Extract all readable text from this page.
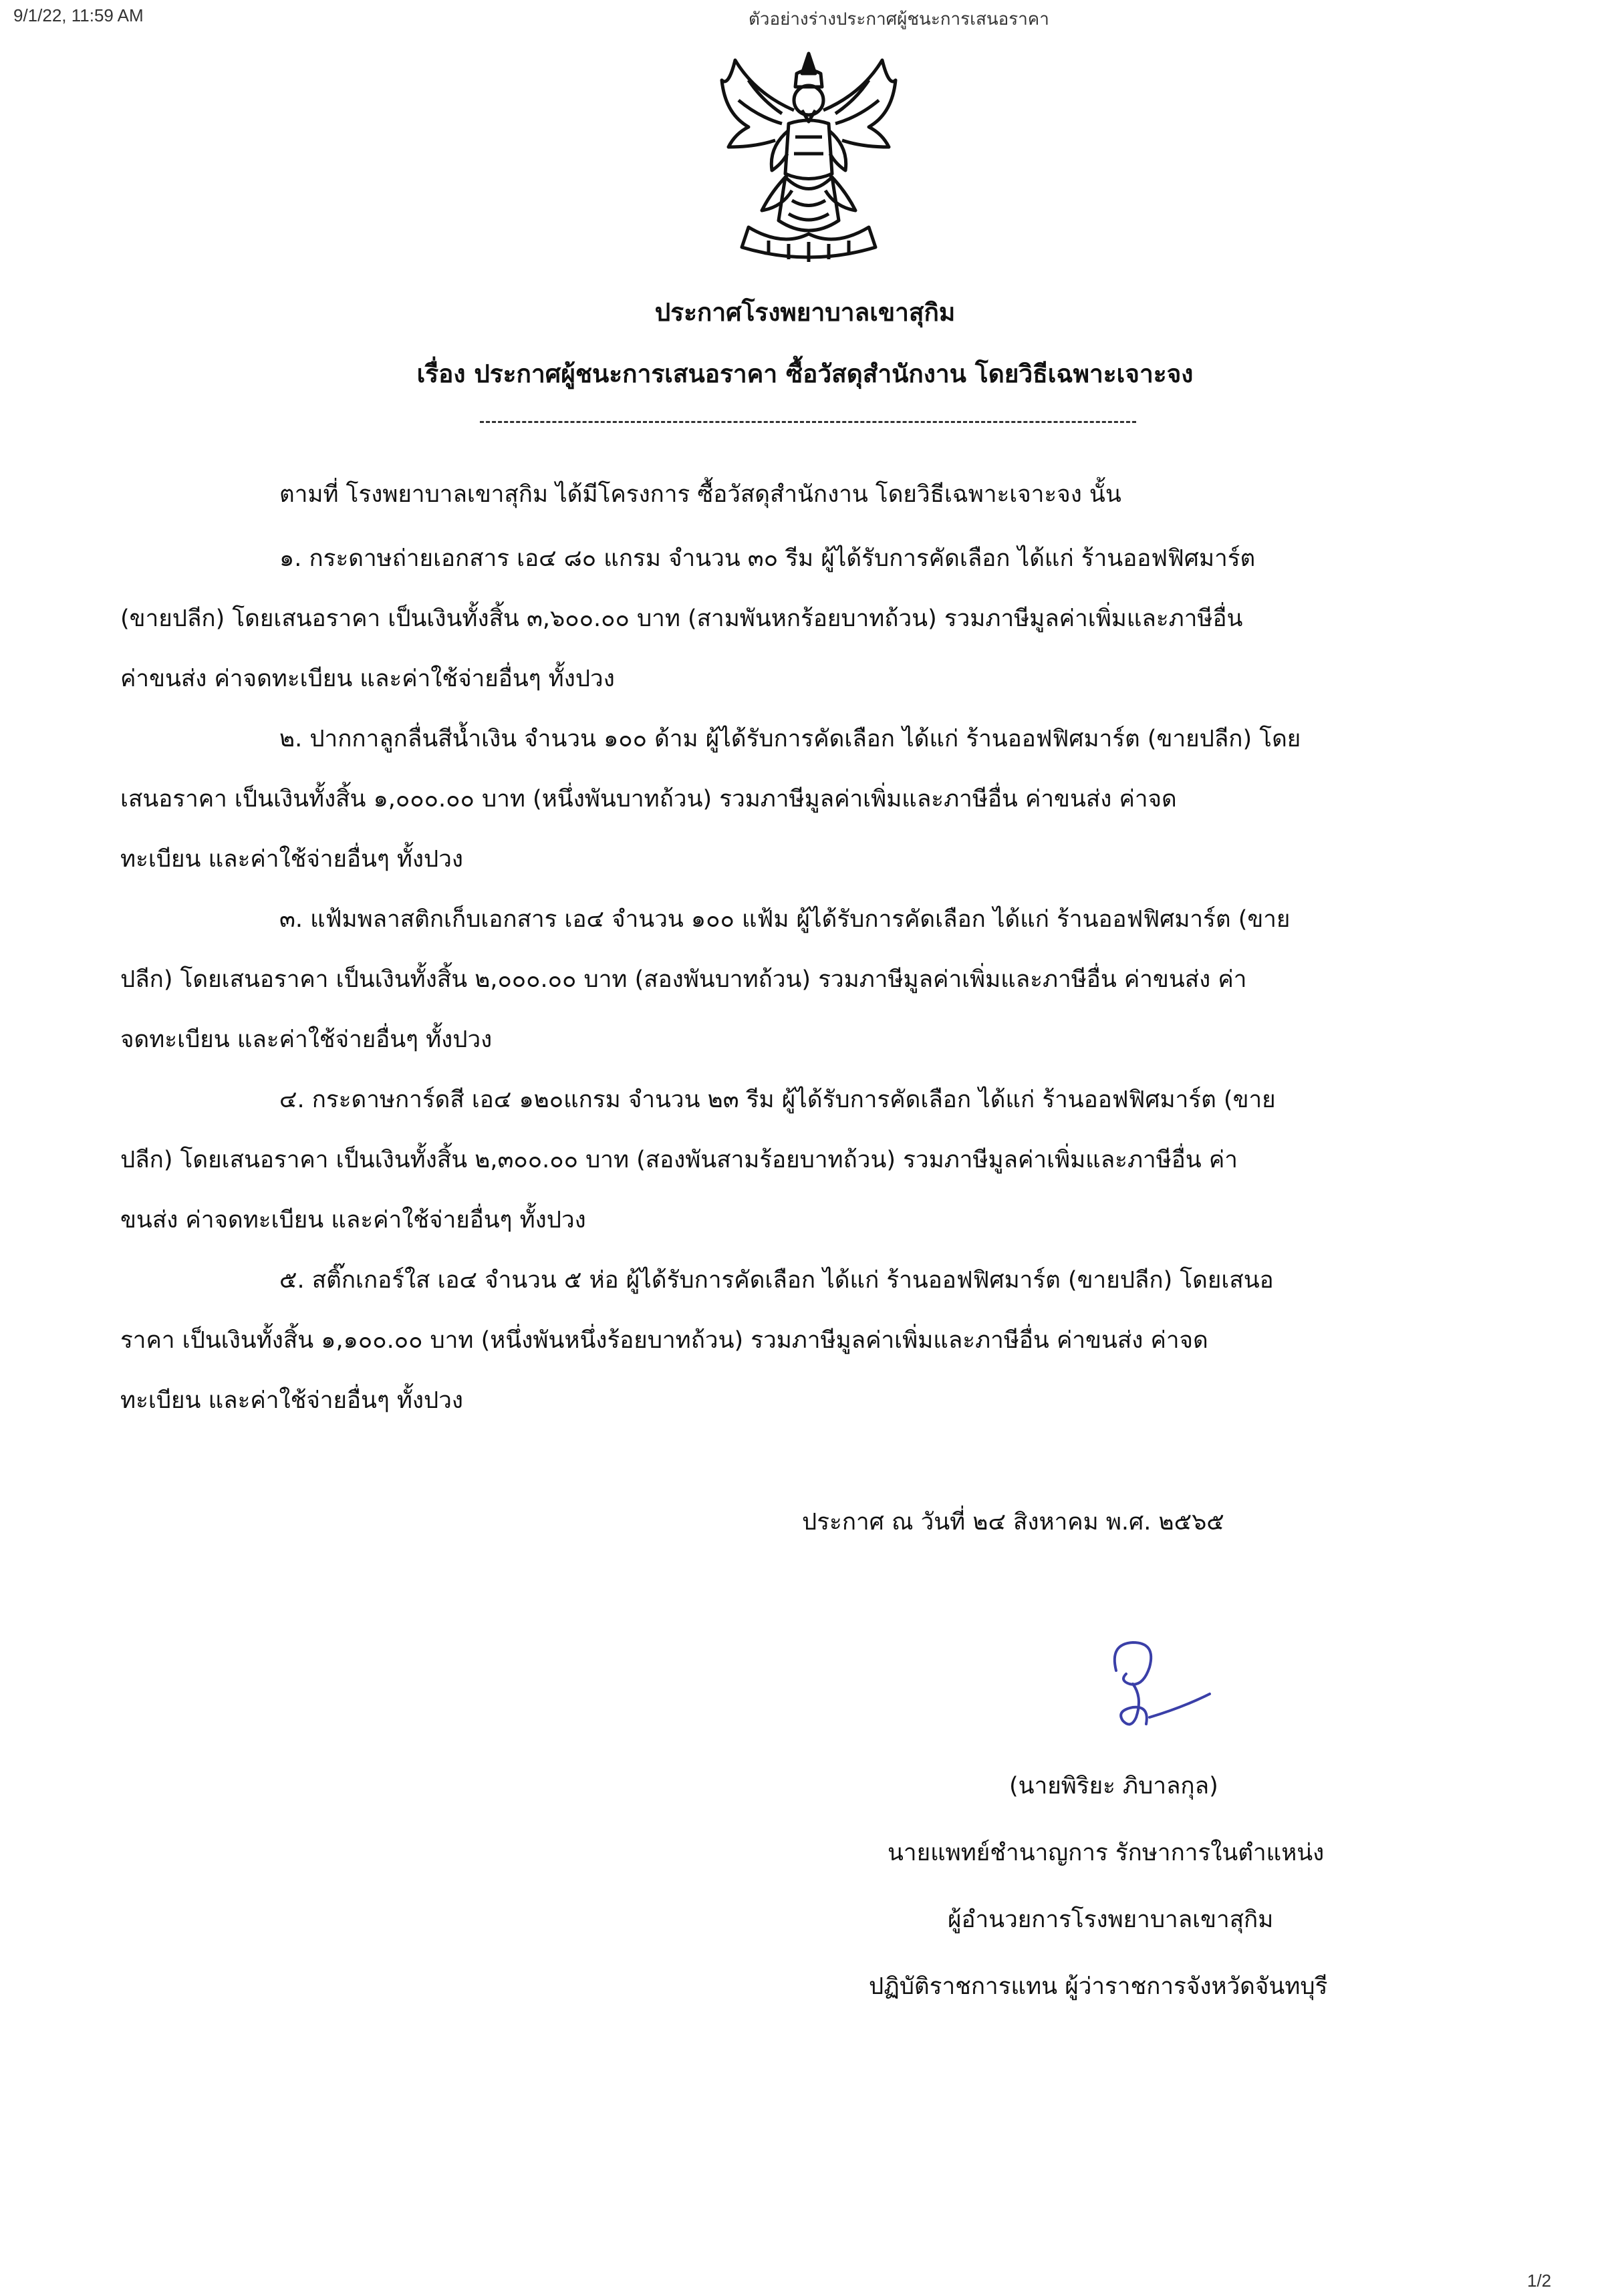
9/1/22, 11:59 AM	ตัวอย่างร่างประกาศผู้ชนะการเสนอราคา
1/2
ประกาศโรงพยาบาลเขาสุกิม
เรื่อง ประกาศผู้ชนะการเสนอราคา ซื้อวัสดุสำนักงาน โดยวิธีเฉพาะเจาะจง
ตามที่ โรงพยาบาลเขาสุกิม ได้มีโครงการ ซื้อวัสดุสำนักงาน โดยวิธีเฉพาะเจาะจง นั้น
๑. กระดาษถ่ายเอกสาร เอ๔ ๘๐ แกรม จำนวน ๓๐ รีม ผู้ได้รับการคัดเลือก ได้แก่ ร้านออฟฟิศมาร์ต
(ขายปลีก) โดยเสนอราคา เป็นเงินทั้งสิ้น ๓,๖๐๐.๐๐ บาท (สามพันหกร้อยบาทถ้วน) รวมภาษีมูลค่าเพิ่มและภาษีอื่น
ค่าขนส่ง ค่าจดทะเบียน และค่าใช้จ่ายอื่นๆ ทั้งปวง
๒. ปากกาลูกลื่นสีน้ำเงิน จำนวน ๑๐๐ ด้าม ผู้ได้รับการคัดเลือก ได้แก่ ร้านออฟฟิศมาร์ต (ขายปลีก) โดย
เสนอราคา เป็นเงินทั้งสิ้น ๑,๐๐๐.๐๐ บาท (หนึ่งพันบาทถ้วน) รวมภาษีมูลค่าเพิ่มและภาษีอื่น ค่าขนส่ง ค่าจด
ทะเบียน และค่าใช้จ่ายอื่นๆ ทั้งปวง
๓. แฟ้มพลาสติกเก็บเอกสาร เอ๔ จำนวน ๑๐๐ แฟ้ม ผู้ได้รับการคัดเลือก ได้แก่ ร้านออฟฟิศมาร์ต (ขาย
ปลีก) โดยเสนอราคา เป็นเงินทั้งสิ้น ๒,๐๐๐.๐๐ บาท (สองพันบาทถ้วน) รวมภาษีมูลค่าเพิ่มและภาษีอื่น ค่าขนส่ง ค่า
จดทะเบียน และค่าใช้จ่ายอื่นๆ ทั้งปวง
๔. กระดาษการ์ดสี เอ๔ ๑๒๐แกรม จำนวน ๒๓ รีม ผู้ได้รับการคัดเลือก ได้แก่ ร้านออฟฟิศมาร์ต (ขาย
ปลีก) โดยเสนอราคา เป็นเงินทั้งสิ้น ๒,๓๐๐.๐๐ บาท (สองพันสามร้อยบาทถ้วน) รวมภาษีมูลค่าเพิ่มและภาษีอื่น ค่า
ขนส่ง ค่าจดทะเบียน และค่าใช้จ่ายอื่นๆ ทั้งปวง
๕. สติ๊กเกอร์ใส เอ๔ จำนวน ๕ ห่อ ผู้ได้รับการคัดเลือก ได้แก่ ร้านออฟฟิศมาร์ต (ขายปลีก) โดยเสนอ
ราคา เป็นเงินทั้งสิ้น ๑,๑๐๐.๐๐ บาท (หนึ่งพันหนึ่งร้อยบาทถ้วน) รวมภาษีมูลค่าเพิ่มและภาษีอื่น ค่าขนส่ง ค่าจด
ทะเบียน และค่าใช้จ่ายอื่นๆ ทั้งปวง
ประกาศ ณ วันที่ ๒๔ สิงหาคม พ.ศ. ๒๕๖๕
(นายพิริยะ ภิบาลกุล)
นายแพทย์ชำนาญการ รักษาการในตำแหน่ง
ผู้อำนวยการโรงพยาบาลเขาสุกิม
ปฏิบัติราชการแทน ผู้ว่าราชการจังหวัดจันทบุรี
